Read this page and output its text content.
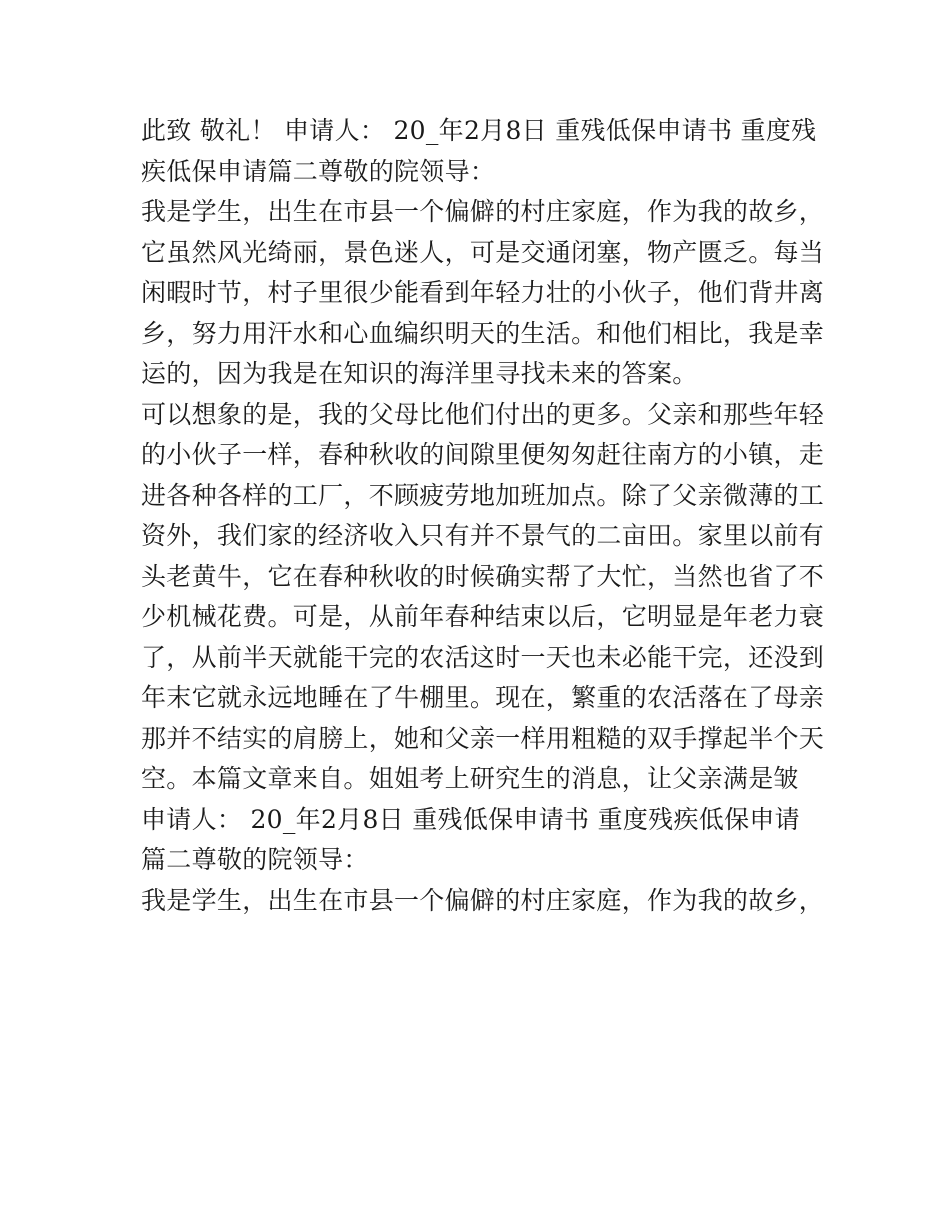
此致 敬礼！ 申请人： 20_年2月8日 重残低保申请书 重度残
疾低保申请篇二尊敬的院领导：
我是学生，出生在市县一个偏僻的村庄家庭，作为我的故乡，
它虽然风光绮丽，景色迷人，可是交通闭塞，物产匮乏。每当
闲暇时节，村子里很少能看到年轻力壮的小伙子，他们背井离
乡，努力用汗水和心血编织明天的生活。和他们相比，我是幸
运的，因为我是在知识的海洋里寻找未来的答案。
可以想象的是，我的父母比他们付出的更多。父亲和那些年轻
的小伙子一样，春种秋收的间隙里便匆匆赶往南方的小镇，走
进各种各样的工厂，不顾疲劳地加班加点。除了父亲微薄的工
资外，我们家的经济收入只有并不景气的二亩田。家里以前有
头老黄牛，它在春种秋收的时候确实帮了大忙，当然也省了不
少机械花费。可是，从前年春种结束以后，它明显是年老力衰
了，从前半天就能干完的农活这时一天也未必能干完，还没到
年末它就永远地睡在了牛棚里。现在，繁重的农活落在了母亲
那并不结实的肩膀上，她和父亲一样用粗糙的双手撑起半个天
空。本篇文章来自。姐姐考上研究生的消息，让父亲满是皱
申请人： 20_年2月8日 重残低保申请书 重度残疾低保申请
篇二尊敬的院领导：
我是学生，出生在市县一个偏僻的村庄家庭，作为我的故乡，
